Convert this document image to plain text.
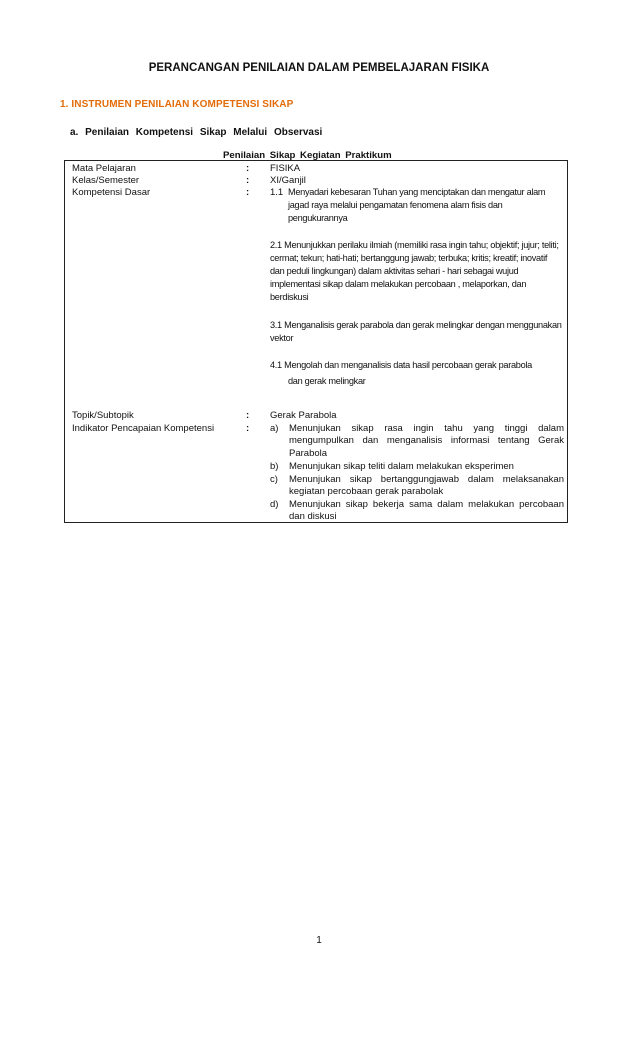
PERANCANGAN PENILAIAN DALAM PEMBELAJARAN FISIKA
1. INSTRUMEN PENILAIAN KOMPETENSI SIKAP
a. Penilaian Kompetensi Sikap Melalui Observasi
Penilaian Sikap Kegiatan Praktikum
Mata Pelajaran	: FISIKA
Kelas/Semester	: XI/Ganjil
Kompetensi Dasar	: 1.1 Menyadari kebesaran Tuhan yang menciptakan dan mengatur alam jagad raya melalui pengamatan fenomena alam fisis dan pengukurannya
2.1 Menunjukkan perilaku ilmiah (memiliki rasa ingin tahu; objektif; jujur; teliti; cermat; tekun; hati-hati; bertanggung jawab; terbuka; kritis; kreatif; inovatif dan peduli lingkungan) dalam aktivitas sehari - hari sebagai wujud implementasi sikap dalam melakukan percobaan , melaporkan, dan berdiskusi
3.1 Menganalisis gerak parabola dan gerak melingkar dengan menggunakan vektor
4.1 Mengolah dan menganalisis data hasil percobaan gerak parabola
dan gerak melingkar
Topik/Subtopik	: Gerak Parabola
Indikator Pencapaian Kompetensi	: a) Menunjukan sikap rasa ingin tahu yang tinggi dalam mengumpulkan dan menganalisis informasi tentang Gerak Parabola
b) Menunjukan sikap teliti dalam melakukan eksperimen
c) Menunjukan sikap bertanggungjawab dalam melaksanakan kegiatan percobaan gerak parabolak
d) Menunjukan sikap bekerja sama dalam melakukan percobaan dan diskusi
1
